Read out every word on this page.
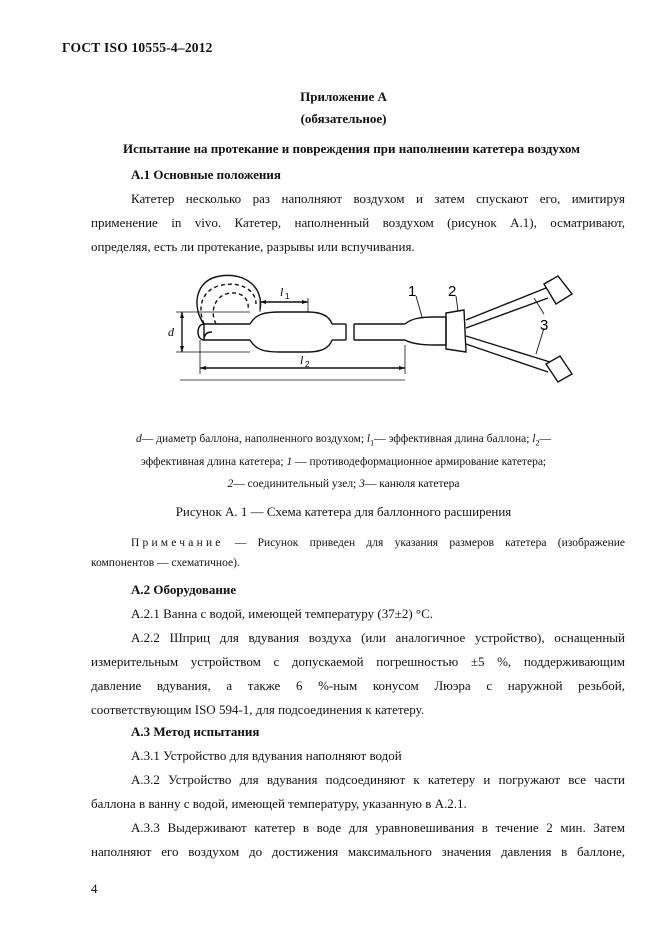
ГОСТ ISO 10555-4–2012
Приложение А
(обязательное)
Испытание на протекание и повреждения при наполнении катетера воздухом
А.1 Основные положения
Катетер несколько раз наполняют воздухом и затем спускают его, имитируя
применение in vivo. Катетер, наполненный воздухом (рисунок А.1), осматривают,
определяя, есть ли протекание, разрывы или вспучивания.
1 2
3
d
l 1
l 2
d— диаметр баллона, наполненного воздухом; $l_1—$ эффективная длина баллона; $l_2—$
эффективная длина катетера; 1 — противодеформационное армирование катетера;
2— соединительный узел; 3— канюля катетера
Рисунок А. 1 — Схема катетера для баллонного расширения
Примечание — Рисунок приведен для указания размеров катетера (изображение
компонентов — схематичное).
А.2 Оборудование
А.2.1 Ванна с водой, имеющей температуру (37±2) °С.
А.2.2 Шприц для вдувания воздуха (или аналогичное устройство), оснащенный
измерительным устройством с допускаемой погрешностью ±5 %, поддерживающим
давление вдувания, а также 6 %-ным конусом Люэра с наружной резьбой,
соответствующим ISO 594-1, для подсоединения к катетеру.
А.3 Метод испытания
А.3.1 Устройство для вдувания наполняют водой
А.3.2 Устройство для вдувания подсоединяют к катетеру и погружают все части
баллона в ванну с водой, имеющей температуру, указанную в А.2.1.
А.3.3 Выдерживают катетер в воде для уравновешивания в течение 2 мин. Затем
наполняют его воздухом до достижения максимального значения давления в баллоне,
4
